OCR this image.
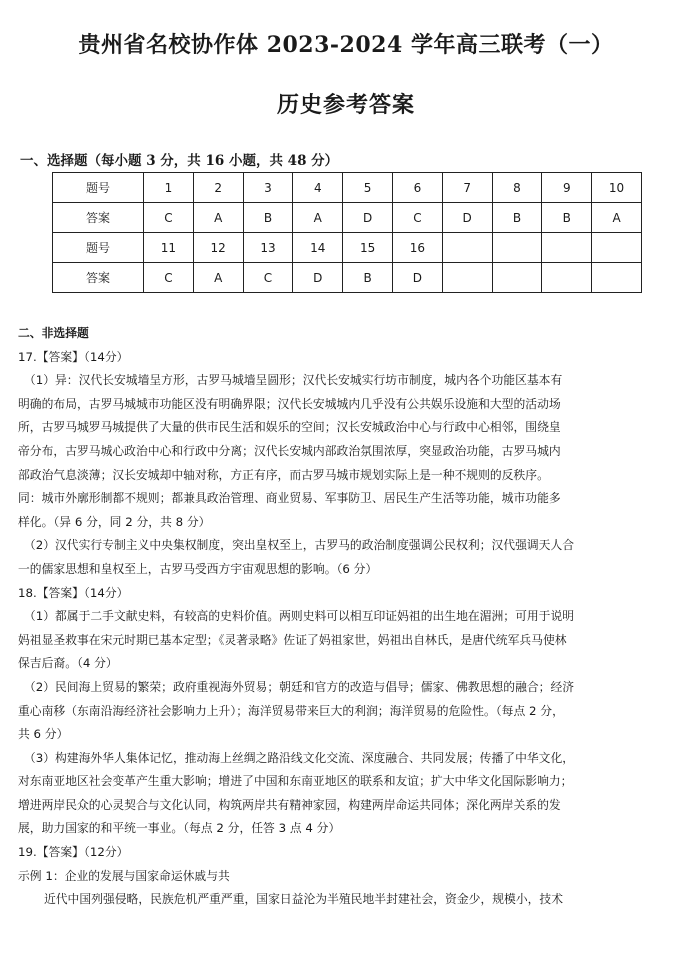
贵州省名校协作体 2023-2024 学年高三联考（一）
历史参考答案
一、选择题（每小题 3 分，共 16 小题，共 48 分）
题号	1	2	3	4	5	6	7	8	9	10
答案	C	A	B	A	D	C	D	B	B	A
题号	11	12	13	14	15	16				
答案	C	A	C	D	B	D				

二、非选择题

17.【答案】（14分）

（1）异：汉代长安城墙呈方形，古罗马城墙呈圆形；汉代长安城实行坊市制度，城内各个功能区基本有

明确的布局，古罗马城城市功能区没有明确界限；汉代长安城城内几乎没有公共娱乐设施和大型的活动场

所，古罗马城罗马城提供了大量的供市民生活和娱乐的空间；汉长安城政治中心与行政中心相邻，围绕皇

帝分布，古罗马城心政治中心和行政中分离；汉代长安城内部政治氛围浓厚，突显政治功能，古罗马城内

部政治气息淡薄；汉长安城却中轴对称，方正有序，而古罗马城市规划实际上是一种不规则的反秩序。

同：城市外廓形制都不规则；都兼具政治管理、商业贸易、军事防卫、居民生产生活等功能，城市功能多

样化。（异 6 分，同 2 分，共 8 分）

（2）汉代实行专制主义中央集权制度，突出皇权至上，古罗马的政治制度强调公民权利；汉代强调天人合

一的儒家思想和皇权至上，古罗马受西方宇宙观思想的影响。（6 分）

18.【答案】（14分）

（1）都属于二手文献史料，有较高的史料价值。两则史料可以相互印证妈祖的出生地在湄洲；可用于说明

妈祖显圣救事在宋元时期已基本定型；《灵著录略》佐证了妈祖家世，妈祖出自林氏，是唐代统军兵马使林

保吉后裔。（4 分）

（2）民间海上贸易的繁荣；政府重视海外贸易；朝廷和官方的改造与倡导；儒家、佛教思想的融合；经济

重心南移（东南沿海经济社会影响力上升）；海洋贸易带来巨大的利润；海洋贸易的危险性。（每点 2 分，

共 6 分）

（3）构建海外华人集体记忆，推动海上丝绸之路沿线文化交流、深度融合、共同发展；传播了中华文化，

对东南亚地区社会变革产生重大影响；增进了中国和东南亚地区的联系和友谊；扩大中华文化国际影响力；

增进两岸民众的心灵契合与文化认同，构筑两岸共有精神家园，构建两岸命运共同体；深化两岸关系的发

展，助力国家的和平统一事业。（每点 2 分，任答 3 点 4 分）

19.【答案】（12分）

示例 1：企业的发展与国家命运休戚与共

近代中国列强侵略，民族危机严重严重，国家日益沦为半殖民地半封建社会，资金少，规模小，技术
